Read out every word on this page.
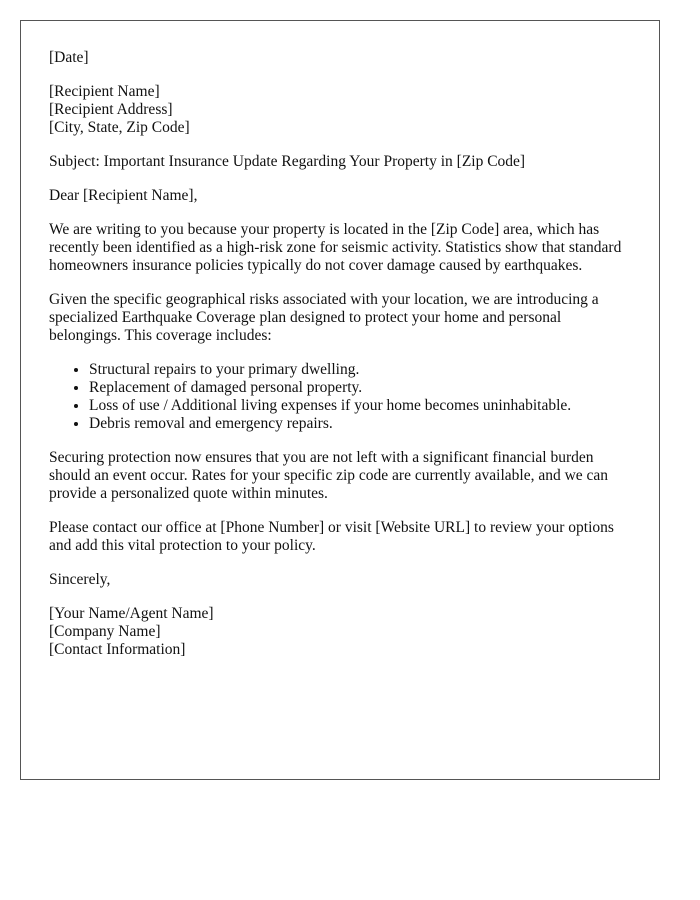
[Date]
[Recipient Name]
[Recipient Address]
[City, State, Zip Code]

Subject: Important Insurance Update Regarding Your Property in [Zip Code]

Dear [Recipient Name],

We are writing to you because your property is located in the [Zip Code] area, which has recently been identified as a high-risk zone for seismic activity. Statistics show that standard homeowners insurance policies typically do not cover damage caused by earthquakes.

Given the specific geographical risks associated with your location, we are introducing a specialized Earthquake Coverage plan designed to protect your home and personal belongings. This coverage includes:

• Structural repairs to your primary dwelling.
• Replacement of damaged personal property.
• Loss of use / Additional living expenses if your home becomes uninhabitable.
• Debris removal and emergency repairs.

Securing protection now ensures that you are not left with a significant financial burden should an event occur. Rates for your specific zip code are currently available, and we can provide a personalized quote within minutes.

Please contact our office at [Phone Number] or visit [Website URL] to review your options and add this vital protection to your policy.

Sincerely,

[Your Name/Agent Name]
[Company Name]
[Contact Information]
